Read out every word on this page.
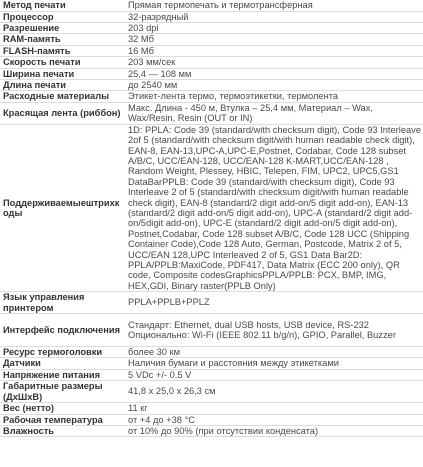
Метод печати	Прямая термопечать и термотрансферная
Процессор	32-разрядный
Разрешение	203 dpi
RAM-память	32 Мб
FLASH-память	16 Мб
Скорость печати	203 мм/сек
Ширина печати	25,4 — 108 мм
Длина печати	до 2540 мм
Расходные материалы	Этикет-лента термо, термоэтикетки, термолента
Красящая лента (риббон)	Макс. Длина - 450 м, Втулка – 25,4 мм, Материал – Wax, Wax/Resin, Resin (OUT or IN)
Поддерживаемыештрихкоды	1D: PPLA: Code 39 (standard/with checksum digit), Code 93 Interleave 2of 5 (standard/with checksum digit/with human readable check digit), EAN-8, EAN-13,UPC-A,UPC-E,Postnet, Codabar, Code 128 subset A/B/C, UCC/EAN-128, UCC/EAN-128 K-MART,UCC/EAN-128 , Random Weight, Plessey, HBIC, Telepen, FIM, UPC2, UPC5,GS1 DataBarPPLB: Code 39 (standard/with checksum digit), Code 93 Interleave 2 of 5 (standard/with checksum digit/with human readable check digit), EAN-8 (standard/2 digit add-on/5 digit add-on), EAN-13 (standard/2 digit add-on/5 digit add-on), UPC-A (standard/2 digit add-on/5digit add-on), UPC-E (standard/2 digit add-on/5 digit add-on), Postnet,Codabar, Code 128 subset A/B/C, Code 128 UCC (Shipping Container Code),Code 128 Auto, German, Postcode, Matrix 2 of 5, UCC/EAN 128,UPC Interleaved 2 of 5, GS1 Data Bar2D: PPLA/PPLB:MaxiCode, PDF417, Data Matrix (ECC 200 only), QR code, Composite codesGraphicsPPLA/PPLB: PCX, BMP, IMG, HEX,GDI, Binary raster(PPLB Only)
Язык управления принтером	PPLA+PPLB+PPLZ
Интерфейс подключения	Стандарт: Ethernet, dual USB hosts, USB device, RS-232 Опционально: Wi-Fi (IEEE 802.11 b/g/n), GPIO, Parallel, Buzzer
Ресурс термоголовки	более 30 км
Датчики	Наличия бумаги и расстояния между этикетками
Напряжение питания	5 VDc +/- 0.5 V
Габаритные размеры (ДхШхВ)	41,8 x 25,0 x 26,3 см
Вес (нетто)	11 кг
Рабочая температура	от +4 до +38 °C
Влажность	от 10% до 90% (при отсутствии конденсата)
